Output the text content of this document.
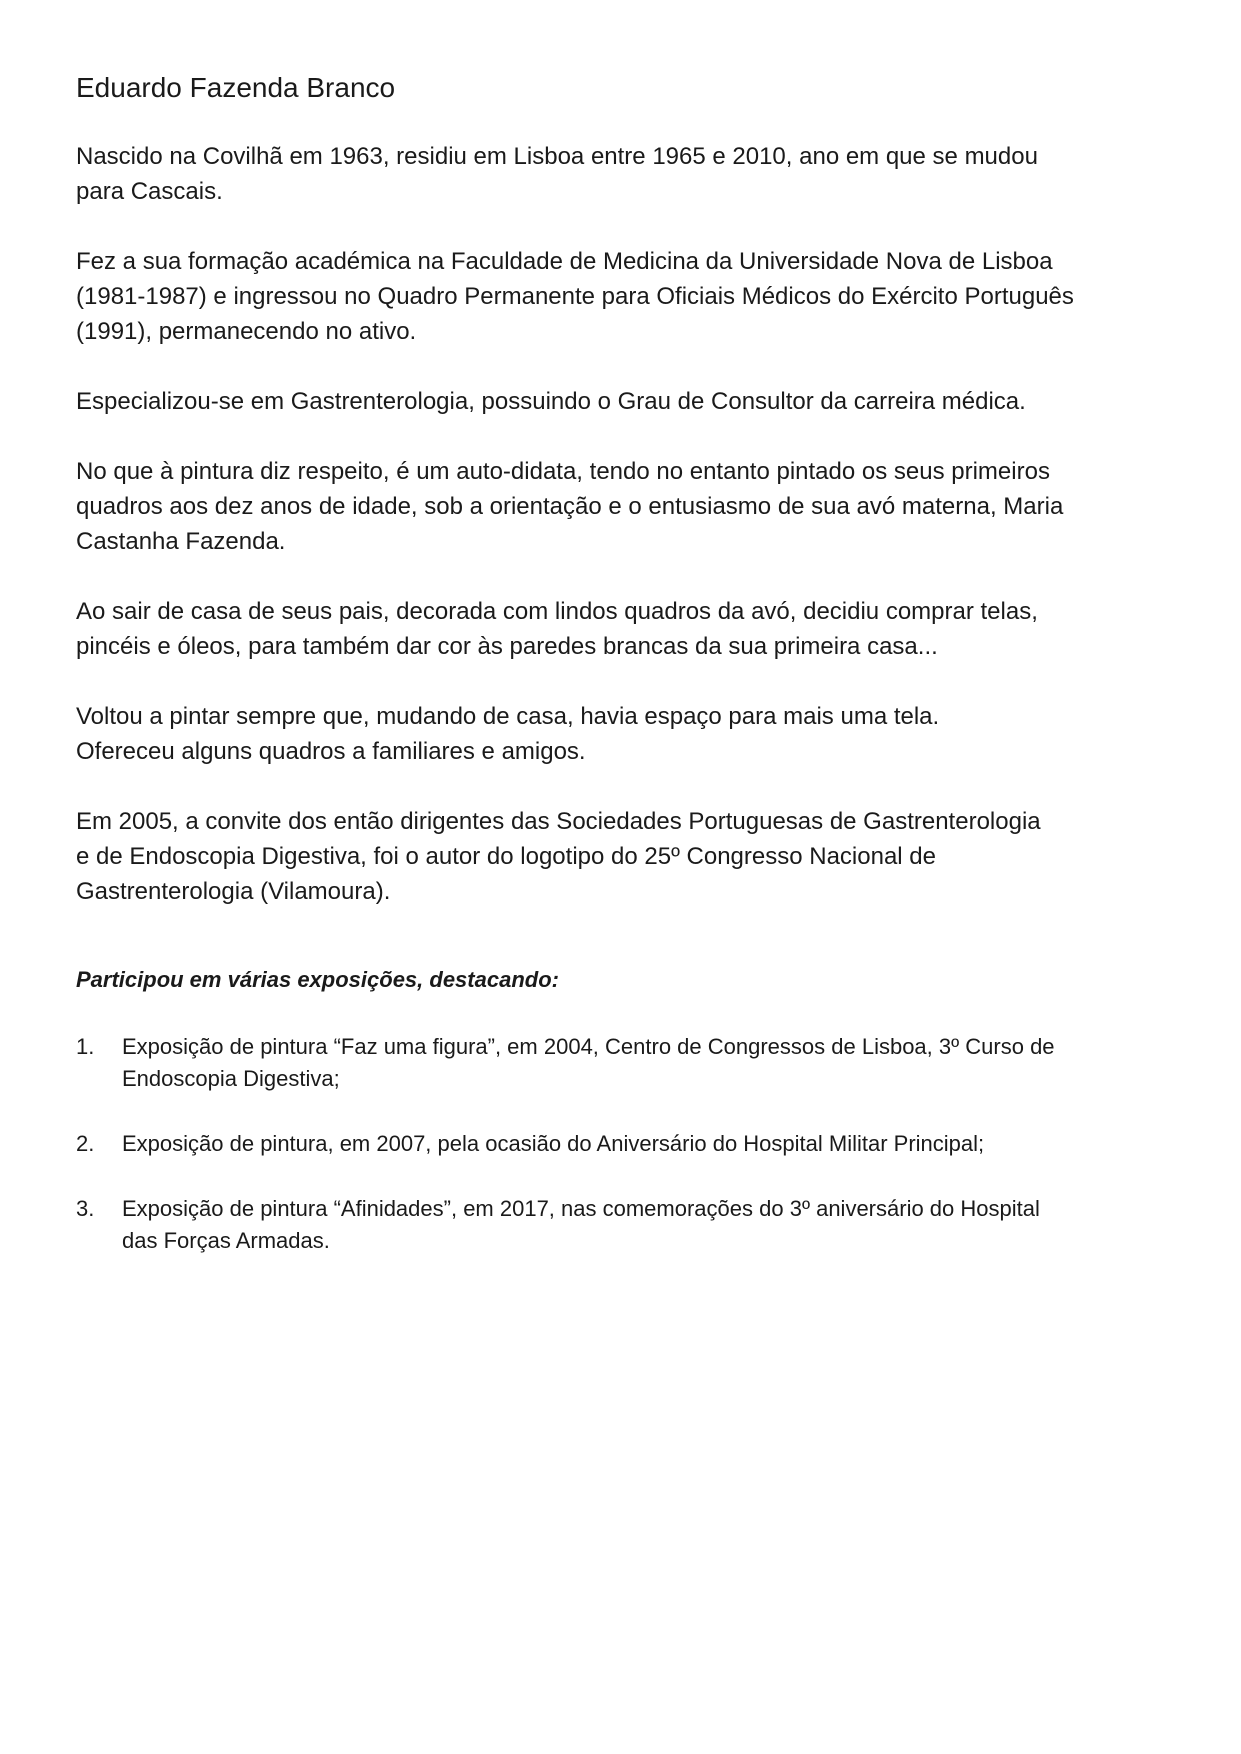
Eduardo Fazenda Branco

Nascido na Covilhã em 1963, residiu em Lisboa entre 1965 e 2010, ano em que se mudou
para Cascais.

Fez a sua formação académica na Faculdade de Medicina da Universidade Nova de Lisboa
(1981-1987) e ingressou no Quadro Permanente para Oficiais Médicos do Exército Português
(1991), permanecendo no ativo.

Especializou-se em Gastrenterologia, possuindo o Grau de Consultor da carreira médica.

No que à pintura diz respeito, é um auto-didata, tendo no entanto pintado os seus primeiros
quadros aos dez anos de idade, sob a orientação e o entusiasmo de sua avó materna, Maria
Castanha Fazenda.

Ao sair de casa de seus pais, decorada com lindos quadros da avó, decidiu comprar telas,
pincéis e óleos, para também dar cor às paredes brancas da sua primeira casa...

Voltou a pintar sempre que, mudando de casa, havia espaço para mais uma tela.
Ofereceu alguns quadros a familiares e amigos.

Em 2005, a convite dos então dirigentes das Sociedades Portuguesas de Gastrenterologia
e de Endoscopia Digestiva, foi o autor do logotipo do 25º Congresso Nacional de
Gastrenterologia (Vilamoura).

Participou em várias exposições, destacando:
1. Exposição de pintura “Faz uma figura”, em 2004, Centro de Congressos de Lisboa, 3º Curso de
Endoscopia Digestiva;
2. Exposição de pintura, em 2007, pela ocasião do Aniversário do Hospital Militar Principal;
3. Exposição de pintura “Afinidades”, em 2017, nas comemorações do 3º aniversário do Hospital
das Forças Armadas.
